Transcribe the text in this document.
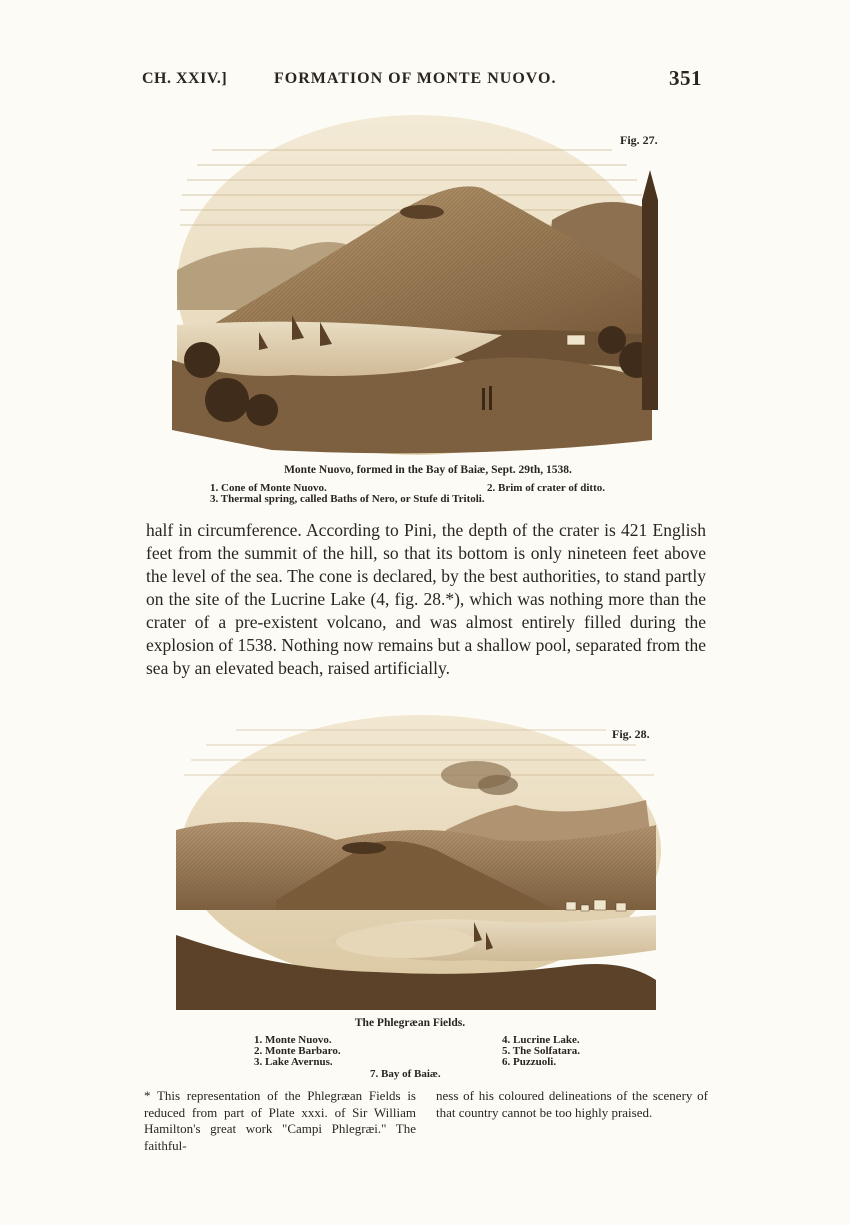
CH. XXIV.]	FORMATION OF MONTE NUOVO.	351
Fig. 27.
Monte Nuovo, formed in the Bay of Baiæ, Sept. 29th, 1538.
1. Cone of Monte Nuovo.	2. Brim of crater of ditto.
3. Thermal spring, called Baths of Nero, or Stufe di Tritoli.

half in circumference. According to Pini, the depth of the crater is 421 English feet from the summit of the hill, so that its bottom is only nineteen feet above the level of the sea. The cone is declared, by the best authorities, to stand partly on the site of the Lucrine Lake (4, fig. 28.*), which was nothing more than the crater of a pre-existent volcano, and was almost entirely filled during the explosion of 1538. Nothing now remains but a shallow pool, separated from the sea by an elevated beach, raised artificially.

Fig. 28.
The Phlegræan Fields.
1. Monte Nuovo.
2. Monte Barbaro.
3. Lake Avernus.
4. Lucrine Lake.
5. The Solfatara.
6. Puzzuoli.
7. Bay of Baiæ.
* This representation of the Phlegræan Fields is reduced from part of Plate xxxi. of Sir William Hamilton's great work "Campi Phlegræi." The faithful-
ness of his coloured delineations of the scenery of that country cannot be too highly praised.
